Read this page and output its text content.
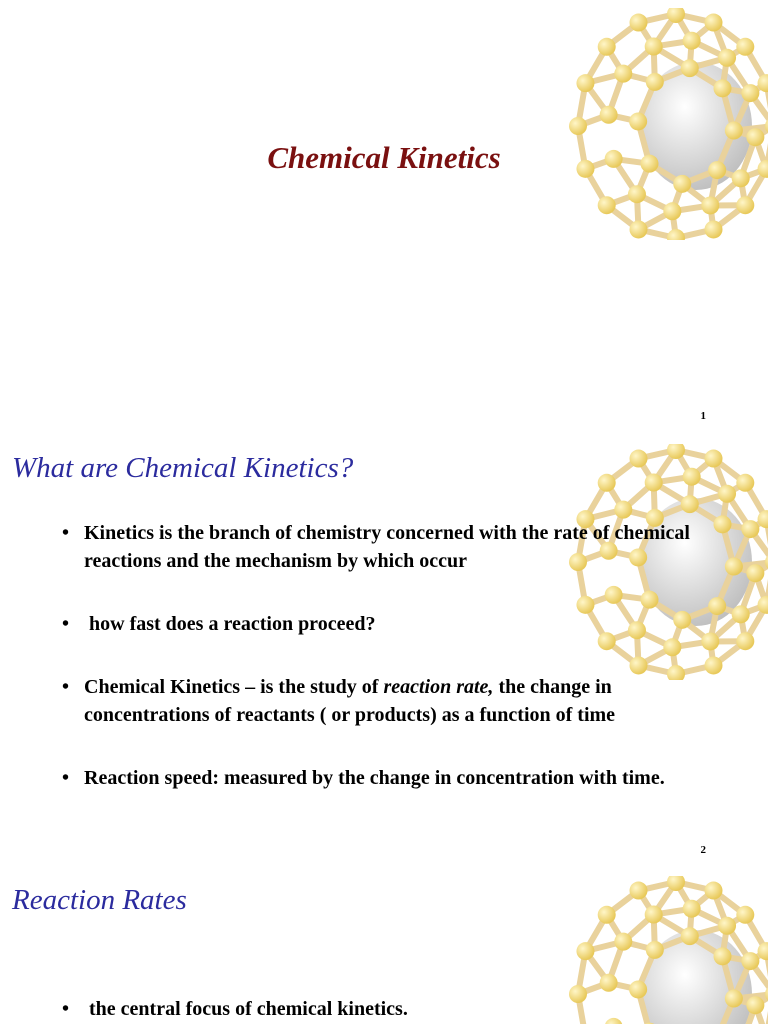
Chemical Kinetics
1
What are Chemical Kinetics?
• Kinetics is the branch of chemistry concerned with the rate of chemical reactions and the mechanism by which occur
• how fast does a reaction proceed?
• Chemical Kinetics – is the study of reaction rate, the change in concentrations of reactants ( or products) as a function of time
• Reaction speed: measured by the change in concentration with time.
2
Reaction Rates
• the central focus of chemical kinetics.
